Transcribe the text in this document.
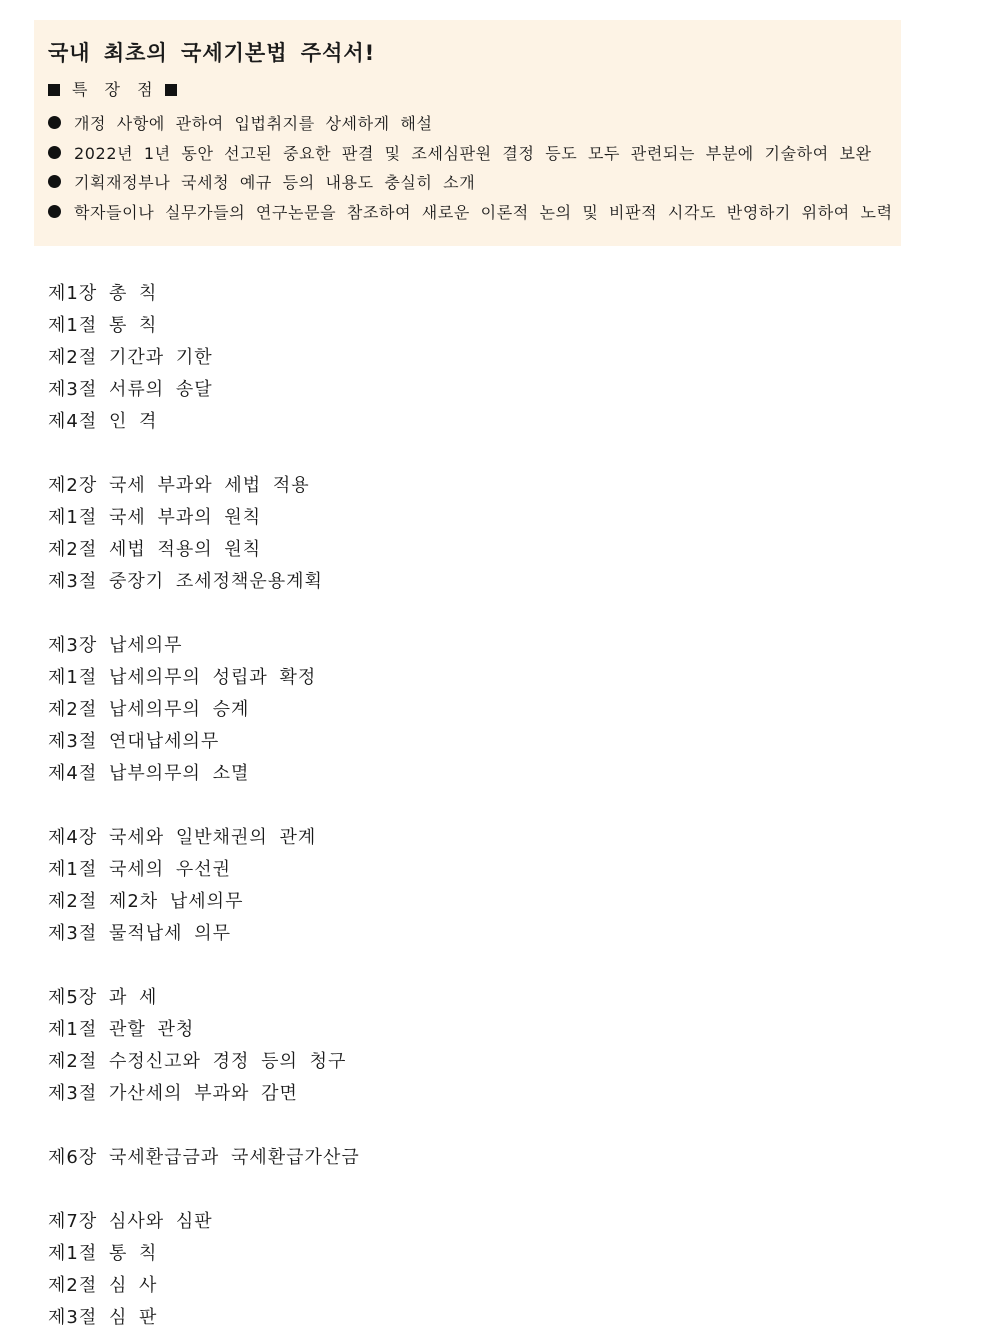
국내 최초의 국세기본법 주석서!
특 장 점
개정 사항에 관하여 입법취지를 상세하게 해설
2022년 1년 동안 선고된 중요한 판결 및 조세심판원 결정 등도 모두 관련되는 부분에 기술하여 보완
기획재정부나 국세청 예규 등의 내용도 충실히 소개
학자들이나 실무가들의 연구논문을 참조하여 새로운 이론적 논의 및 비판적 시각도 반영하기 위하여 노력
제1장 총 칙
제1절 통 칙
제2절 기간과 기한
제3절 서류의 송달
제4절 인 격
제2장 국세 부과와 세법 적용
제1절 국세 부과의 원칙
제2절 세법 적용의 원칙
제3절 중장기 조세정책운용계획
제3장 납세의무
제1절 납세의무의 성립과 확정
제2절 납세의무의 승계
제3절 연대납세의무
제4절 납부의무의 소멸
제4장 국세와 일반채권의 관계
제1절 국세의 우선권
제2절 제2차 납세의무
제3절 물적납세 의무
제5장 과 세
제1절 관할 관청
제2절 수정신고와 경정 등의 청구
제3절 가산세의 부과와 감면
제6장 국세환급금과 국세환급가산금
제7장 심사와 심판
제1절 통 칙
제2절 심 사
제3절 심 판
